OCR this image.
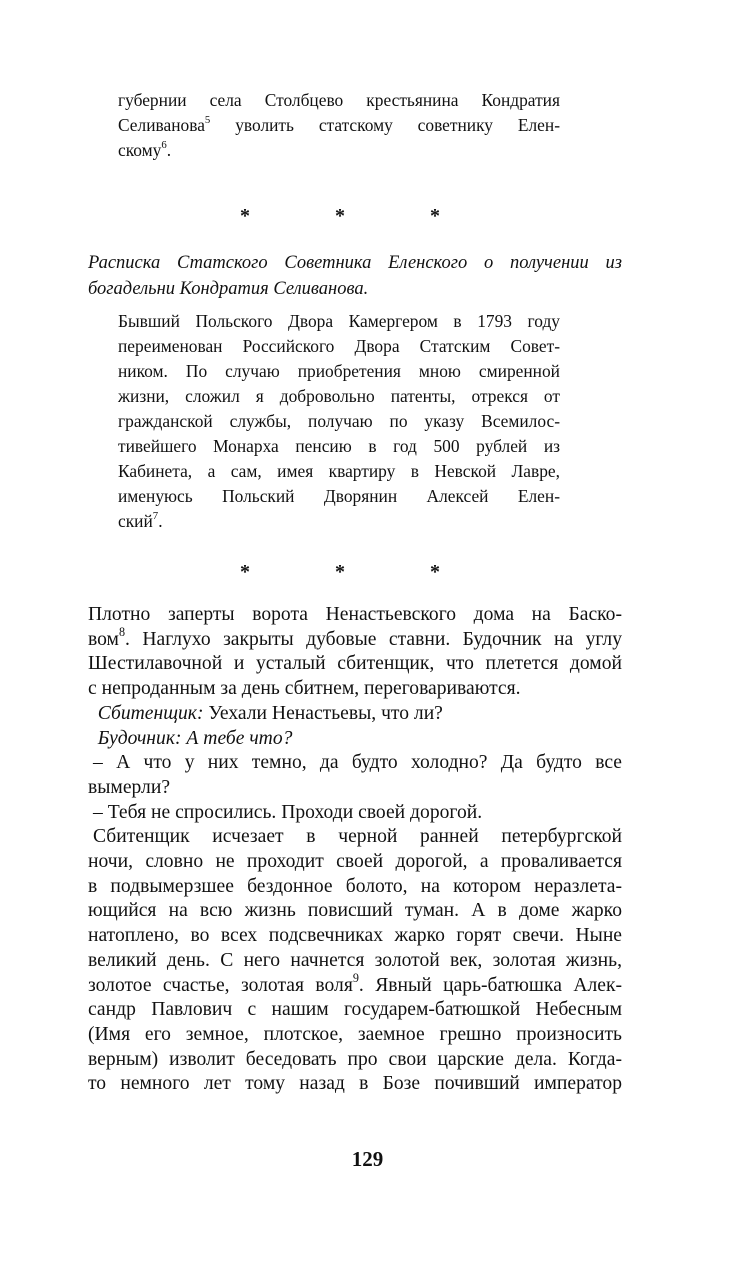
губернии села Столбцево крестьянина Кондратия
Селиванова$^5$ уволить статскому советнику Елен-
скому$^6$.
*	*	*
Расписка Статского Советника Еленского о получении из
богадельни Кондратия Селиванова.
Бывший Польского Двора Камергером в 1793 году
переименован Российского Двора Статским Совет-
ником. По случаю приобретения мною смиренной
жизни, сложил я добровольно патенты, отрекся от
гражданской службы, получаю по указу Всемилос-
тивейшего Монарха пенсию в год 500 рублей из
Кабинета, а сам, имея квартиру в Невской Лавре,
именуюсь Польский Дворянин Алексей Елен-
ский$^7$.
*	*	*
Плотно заперты ворота Ненастьевского дома на Баско-
вом$^8$. Наглухо закрыты дубовые ставни. Будочник на углу
Шестилавочной и усталый сбитенщик, что плетется домой
с непроданным за день сбитнем, переговариваются.
Сбитенщик: Уехали Ненастьевы, что ли?
Будочник: А тебе что?
– А что у них темно, да будто холодно? Да будто все
вымерли?
– Тебя не спросились. Проходи своей дорогой.
Сбитенщик исчезает в черной ранней петербургской
ночи, словно не проходит своей дорогой, а проваливается
в подвымерзшее бездонное болото, на котором неразлета-
ющийся на всю жизнь повисший туман. А в доме жарко
натоплено, во всех подсвечниках жарко горят свечи. Ныне
великий день. С него начнется золотой век, золотая жизнь,
золотое счастье, золотая воля$^9$. Явный царь-батюшка Алек-
сандр Павлович с нашим государем-батюшкой Небесным
(Имя его земное, плотское, заемное грешно произносить
верным) изволит беседовать про свои царские дела. Когда-
то немного лет тому назад в Бозе почивший император
129
